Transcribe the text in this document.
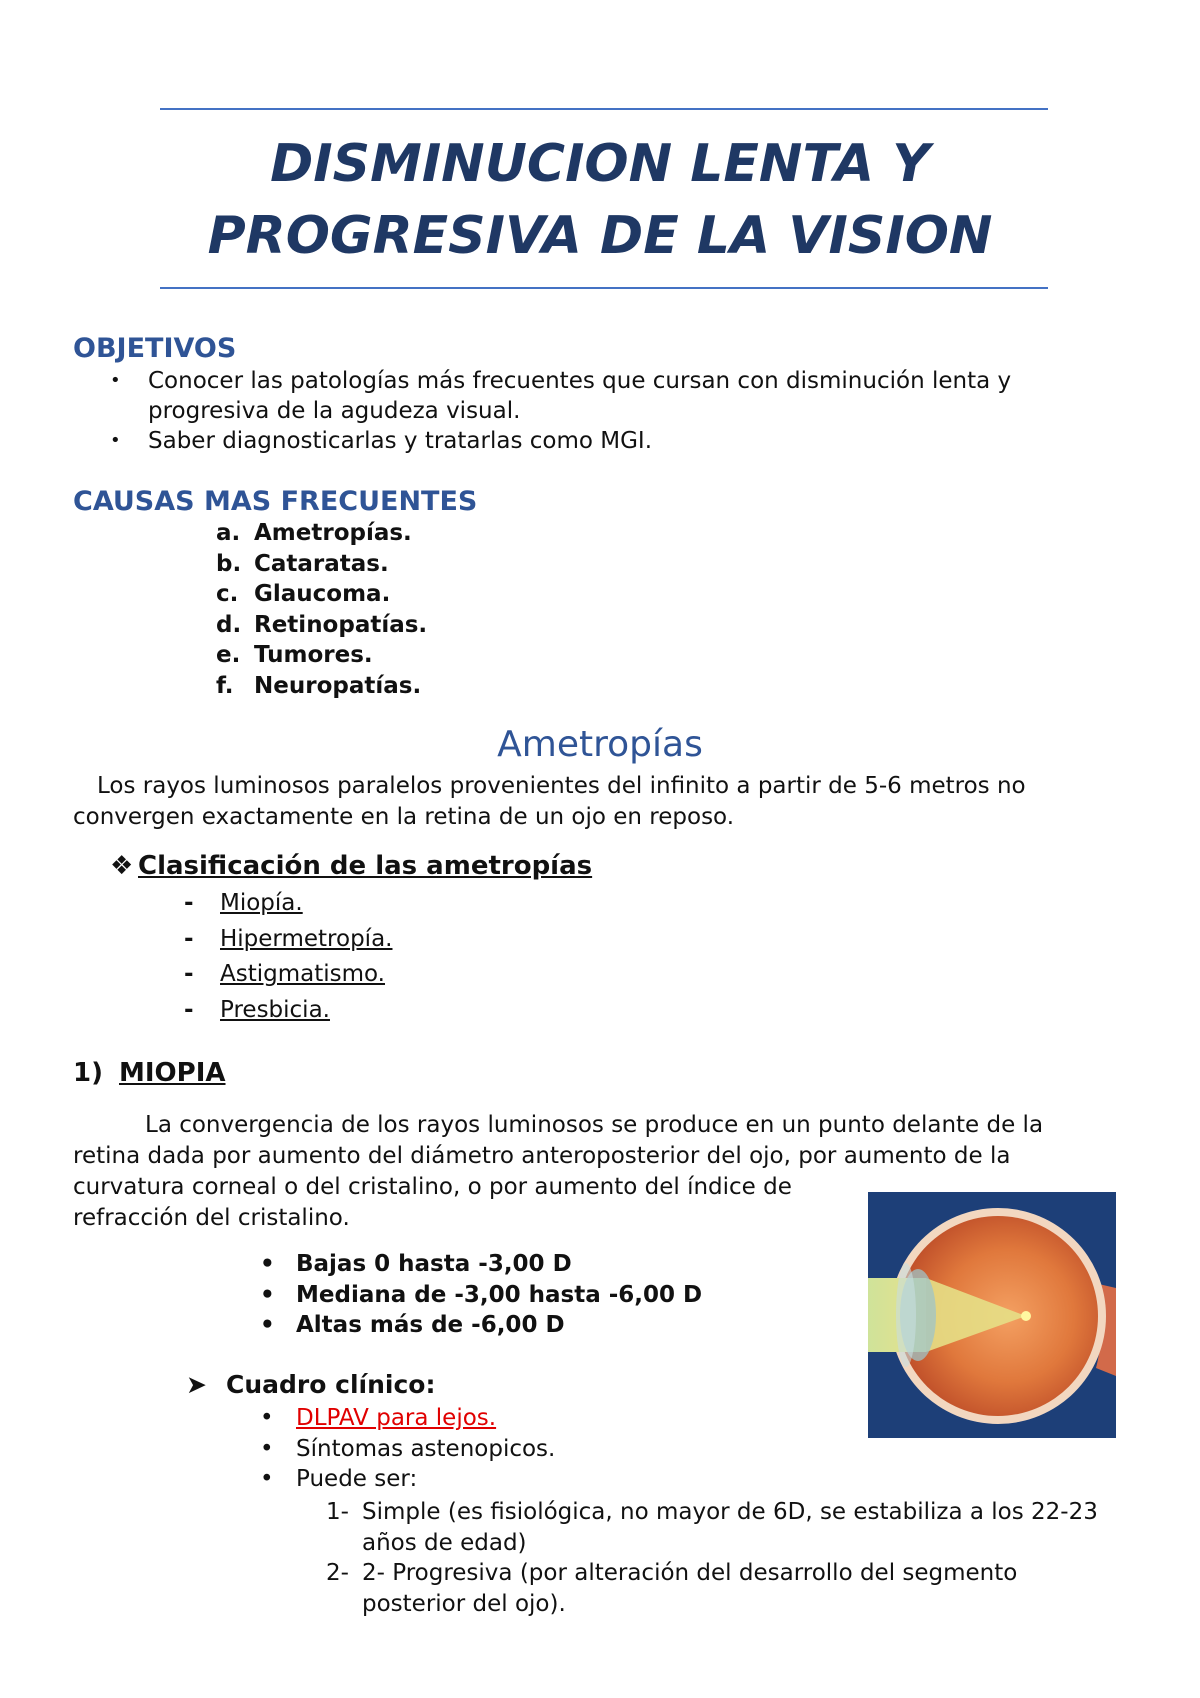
DISMINUCION LENTA Y
PROGRESIVA DE LA VISION
OBJETIVOS
• Conocer las patologías más frecuentes que cursan con disminución lenta y progresiva de la agudeza visual.
• Saber diagnosticarlas y tratarlas como MGI.
CAUSAS MAS FRECUENTES
a. Ametropías.
b. Cataratas.
c. Glaucoma.
d. Retinopatías.
e. Tumores.
f. Neuropatías.
Ametropías

Los rayos luminosos paralelos provenientes del infinito a partir de 5-6 metros no convergen exactamente en la retina de un ojo en reposo.

❖ Clasificación de las ametropías
- Miopía.
- Hipermetropía.
- Astigmatismo.
- Presbicia.
1) MIOPIA
La convergencia de los rayos luminosos se produce en un punto delante de la
retina dada por aumento del diámetro anteroposterior del ojo, por aumento de la
curvatura corneal o del cristalino, o por aumento del índice de
refracción del cristalino.
• Bajas 0 hasta -3,00 D
• Mediana de -3,00 hasta -6,00 D
• Altas más de -6,00 D
➤ Cuadro clínico:
• DLPAV para lejos.
• Síntomas astenopicos.
• Puede ser:
1- Simple (es fisiológica, no mayor de 6D, se estabiliza a los 22-23 años de edad)
2- 2- Progresiva (por alteración del desarrollo del segmento posterior del ojo).
